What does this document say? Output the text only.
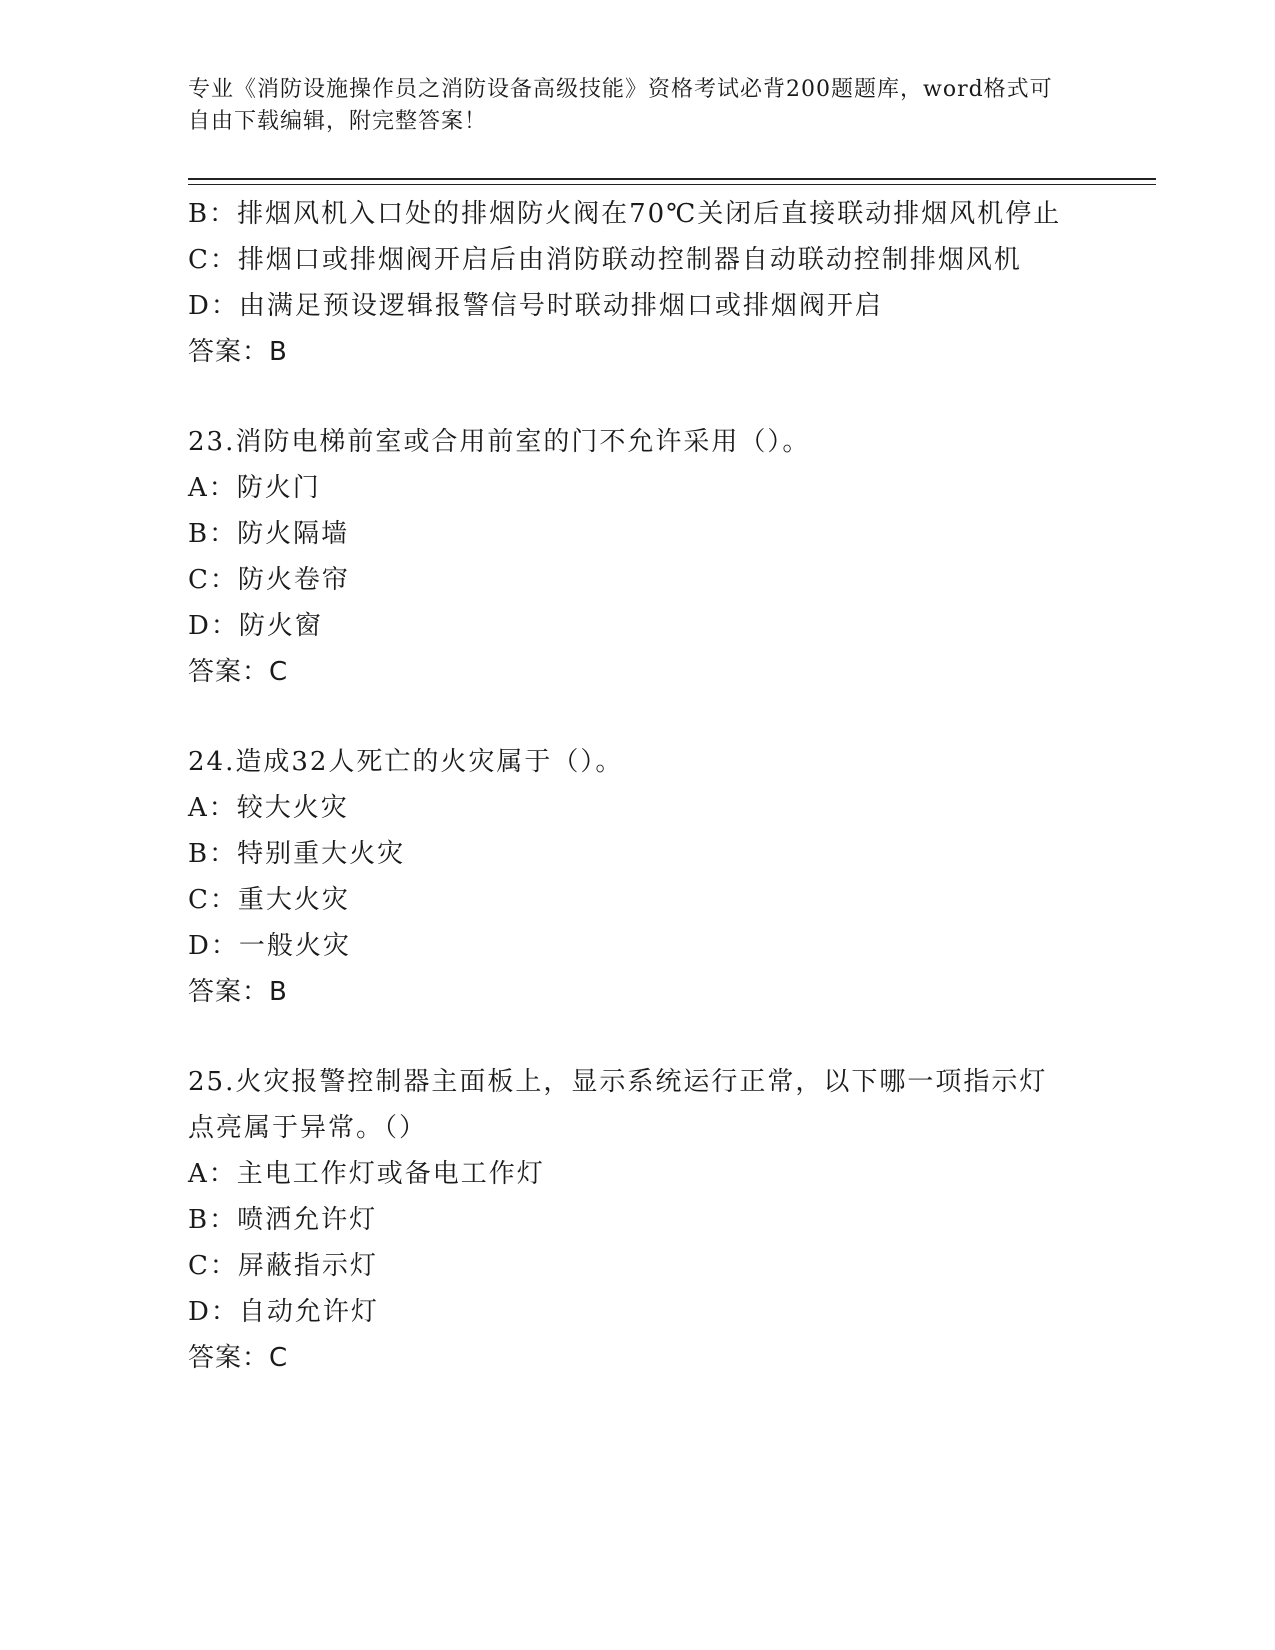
专业《消防设施操作员之消防设备高级技能》资格考试必背200题题库，word格式可自由下载编辑，附完整答案！
B：排烟风机入口处的排烟防火阀在70℃关闭后直接联动排烟风机停止
C：排烟口或排烟阀开启后由消防联动控制器自动联动控制排烟风机
D：由满足预设逻辑报警信号时联动排烟口或排烟阀开启
答案：B
23.消防电梯前室或合用前室的门不允许采用（）。
A：防火门
B：防火隔墙
C：防火卷帘
D：防火窗
答案：C
24.造成32人死亡的火灾属于（）。
A：较大火灾
B：特别重大火灾
C：重大火灾
D：一般火灾
答案：B
25.火灾报警控制器主面板上，显示系统运行正常，以下哪一项指示灯点亮属于异常。（）
A：主电工作灯或备电工作灯
B：喷洒允许灯
C：屏蔽指示灯
D：自动允许灯
答案：C
